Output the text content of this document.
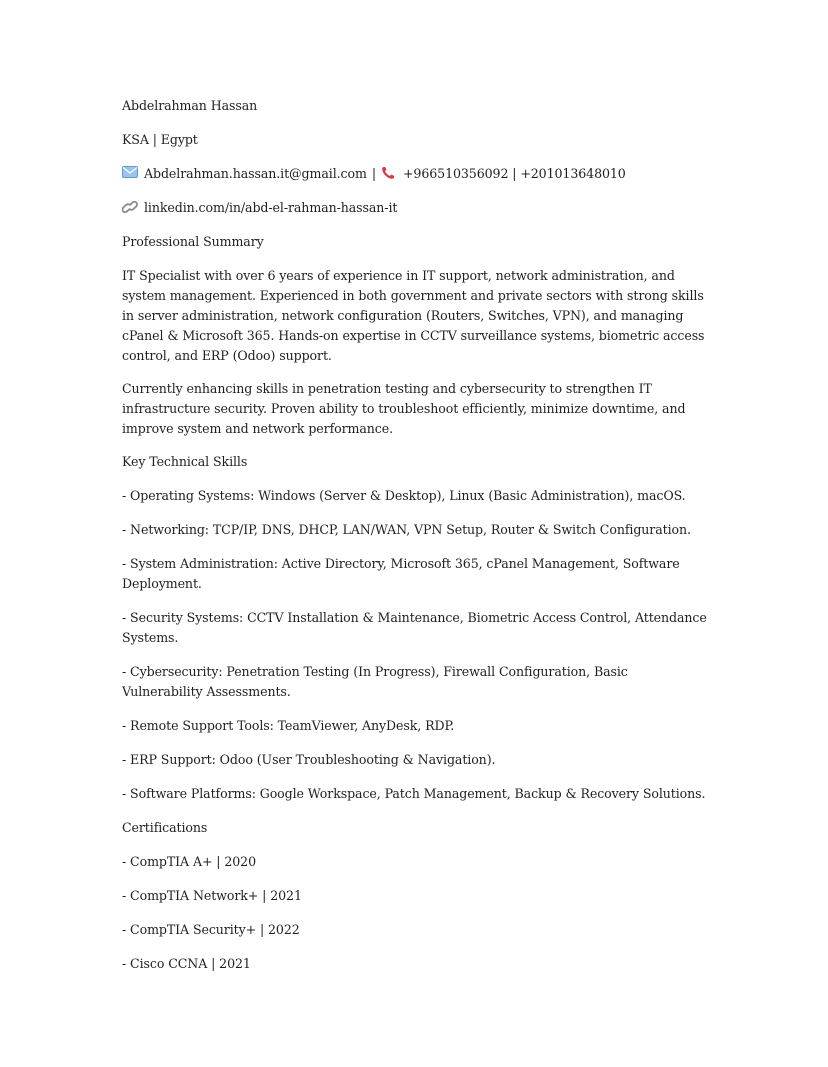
Abdelrahman Hassan

KSA | Egypt

Abdelrahman.hassan.it@gmail.com | +966510356092 | +201013648010

linkedin.com/in/abd-el-rahman-hassan-it

Professional Summary

IT Specialist with over 6 years of experience in IT support, network administration, and system management. Experienced in both government and private sectors with strong skills in server administration, network configuration (Routers, Switches, VPN), and managing cPanel & Microsoft 365. Hands-on expertise in CCTV surveillance systems, biometric access control, and ERP (Odoo) support.

Currently enhancing skills in penetration testing and cybersecurity to strengthen IT infrastructure security. Proven ability to troubleshoot efficiently, minimize downtime, and improve system and network performance.

Key Technical Skills

- Operating Systems: Windows (Server & Desktop), Linux (Basic Administration), macOS.

- Networking: TCP/IP, DNS, DHCP, LAN/WAN, VPN Setup, Router & Switch Configuration.

- System Administration: Active Directory, Microsoft 365, cPanel Management, Software Deployment.

- Security Systems: CCTV Installation & Maintenance, Biometric Access Control, Attendance Systems.

- Cybersecurity: Penetration Testing (In Progress), Firewall Configuration, Basic Vulnerability Assessments.

- Remote Support Tools: TeamViewer, AnyDesk, RDP.

- ERP Support: Odoo (User Troubleshooting & Navigation).

- Software Platforms: Google Workspace, Patch Management, Backup & Recovery Solutions.

Certifications

- CompTIA A+ | 2020

- CompTIA Network+ | 2021

- CompTIA Security+ | 2022

- Cisco CCNA | 2021
